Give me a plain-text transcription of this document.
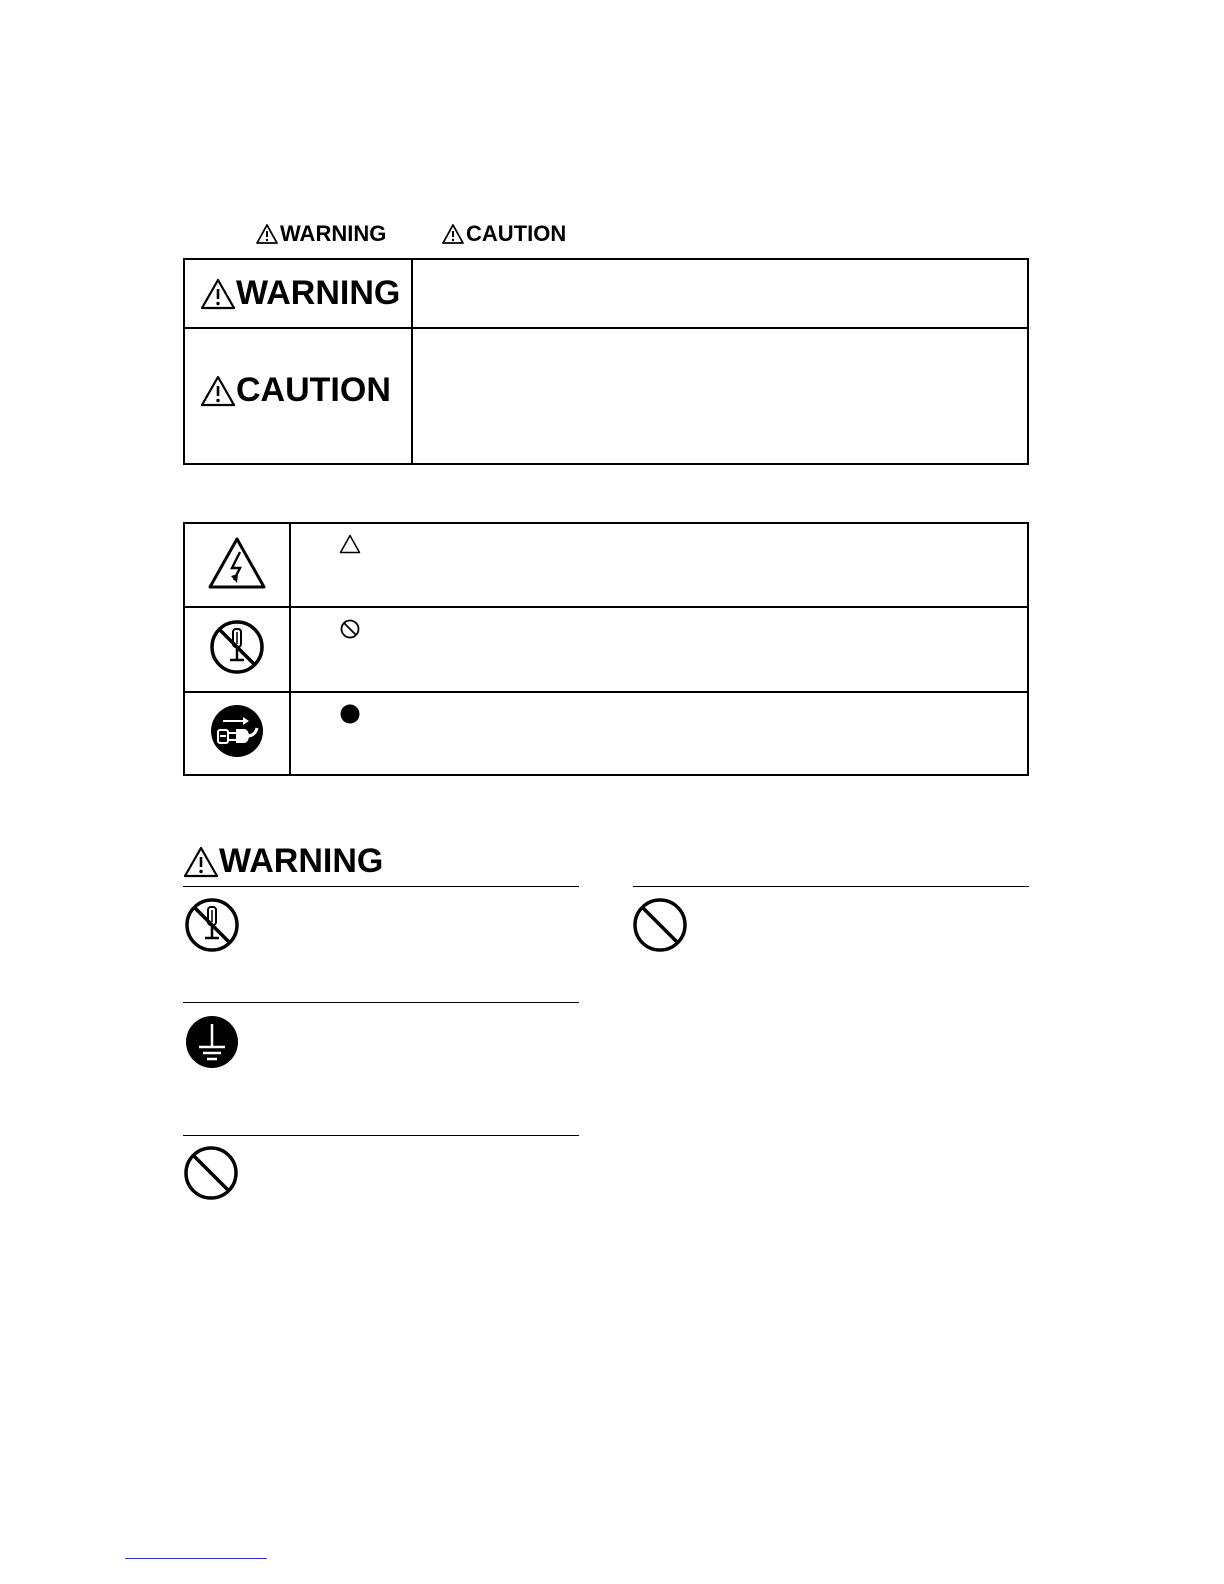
WARNING	CAUTION
WARNING	

CAUTION	

WARNING
